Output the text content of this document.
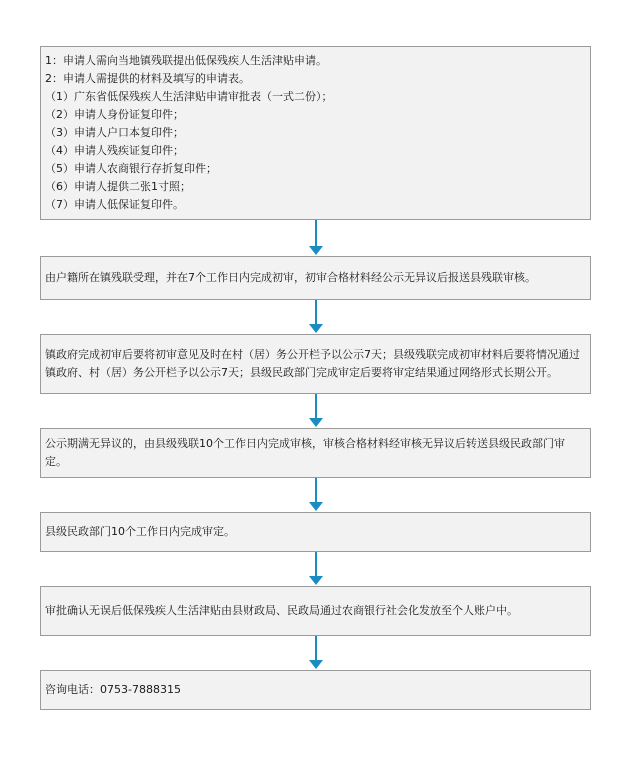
1：申请人需向当地镇残联提出低保残疾人生活津贴申请。
2：申请人需提供的材料及填写的申请表。
（1）广东省低保残疾人生活津贴申请审批表（一式二份）；
（2）申请人身份证复印件；
（3）申请人户口本复印件；
（4）申请人残疾证复印件；
（5）申请人农商银行存折复印件；
（6）申请人提供二张1寸照；
（7）申请人低保证复印件。
由户籍所在镇残联受理，并在7个工作日内完成初审，初审合格材料经公示无异议后报送县残联审核。
镇政府完成初审后要将初审意见及时在村（居）务公开栏予以公示7天；县级残联完成初审材料后要将情况通过镇政府、村（居）务公开栏予以公示7天；县级民政部门完成审定后要将审定结果通过网络形式长期公开。
公示期满无异议的，由县级残联10个工作日内完成审核，审核合格材料经审核无异议后转送县级民政部门审定。
县级民政部门10个工作日内完成审定。
审批确认无误后低保残疾人生活津贴由县财政局、民政局通过农商银行社会化发放至个人账户中。
咨询电话：0753-7888315
